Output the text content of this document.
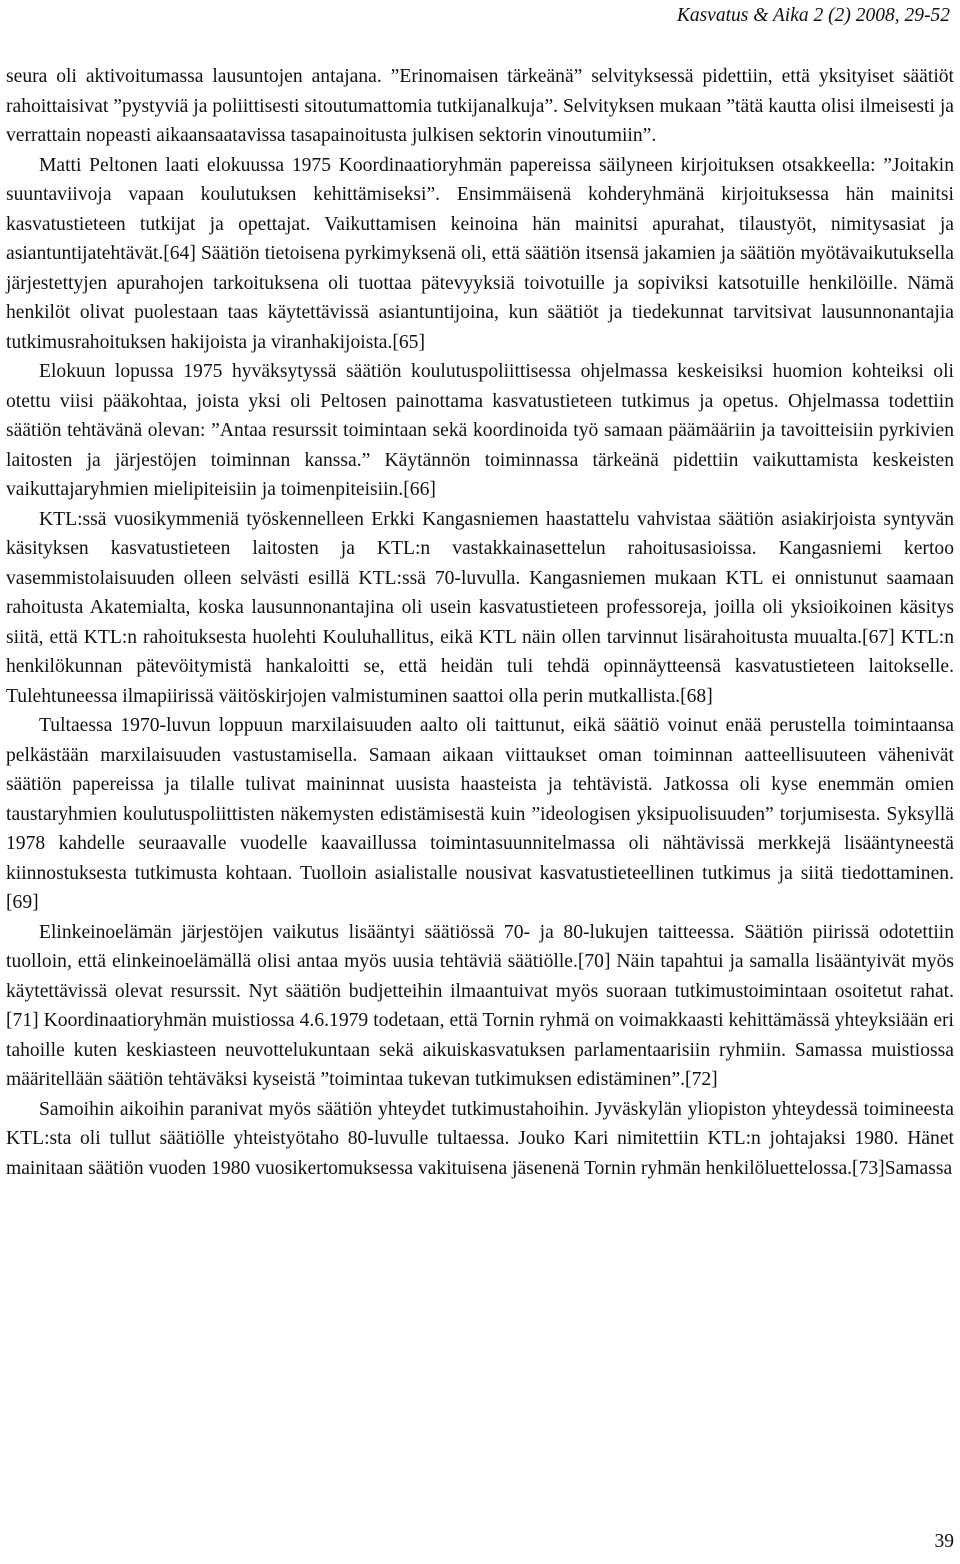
Kasvatus & Aika 2 (2) 2008, 29-52

seura oli aktivoitumassa lausuntojen antajana. ”Erinomaisen tärkeänä” selvityksessä pidettiin, että yksityiset säätiöt rahoittaisivat ”pystyviä ja poliittisesti sitoutumattomia tutkijanalkuja”. Selvityksen mukaan ”tätä kautta olisi ilmeisesti ja verrattain nopeasti aikaansaatavissa tasapainoitusta julkisen sektorin vinoutumiin”.

Matti Peltonen laati elokuussa 1975 Koordinaatioryhmän papereissa säilyneen kirjoituksen otsakkeella: ”Joitakin suuntaviivoja vapaan koulutuksen kehittämiseksi”. Ensimmäisenä kohderyhmänä kirjoituksessa hän mainitsi kasvatustieteen tutkijat ja opettajat. Vaikuttamisen keinoina hän mainitsi apurahat, tilaustyöt, nimitysasiat ja asiantuntijatehtävät.[64] Säätiön tietoisena pyrkimyksenä oli, että säätiön itsensä jakamien ja säätiön myötävaikutuksella järjestettyjen apurahojen tarkoituksena oli tuottaa pätevyyksiä toivotuille ja sopiviksi katsotuille henkilöille. Nämä henkilöt olivat puolestaan taas käytettävissä asiantuntijoina, kun säätiöt ja tiedekunnat tarvitsivat lausunnonantajia tutkimusrahoituksen hakijoista ja viranhakijoista.[65]

Elokuun lopussa 1975 hyväksytyssä säätiön koulutuspoliittisessa ohjelmassa keskeisiksi huomion kohteiksi oli otettu viisi pääkohtaa, joista yksi oli Peltosen painottama kasvatustieteen tutkimus ja opetus. Ohjelmassa todettiin säätiön tehtävänä olevan: ”Antaa resurssit toimintaan sekä koordinoida työ samaan päämääriin ja tavoitteisiin pyrkivien laitosten ja järjestöjen toiminnan kanssa.” Käytännön toiminnassa tärkeänä pidettiin vaikuttamista keskeisten vaikuttajaryhmien mielipiteisiin ja toimenpiteisiin.[66]

KTL:ssä vuosikymmeniä työskennelleen Erkki Kangasniemen haastattelu vahvistaa säätiön asiakirjoista syntyvän käsityksen kasvatustieteen laitosten ja KTL:n vastakkainasettelun rahoitusasioissa. Kangasniemi kertoo vasemmistolaisuuden olleen selvästi esillä KTL:ssä 70-luvulla. Kangasniemen mukaan KTL ei onnistunut saamaan rahoitusta Akatemialta, koska lausunnonantajina oli usein kasvatustieteen professoreja, joilla oli yksioikoinen käsitys siitä, että KTL:n rahoituksesta huolehti Kouluhallitus, eikä KTL näin ollen tarvinnut lisärahoitusta muualta.[67] KTL:n henkilökunnan pätevöitymistä hankaloitti se, että heidän tuli tehdä opinnäytteensä kasvatustieteen laitokselle. Tulehtuneessa ilmapiirissä väitöskirjojen valmistuminen saattoi olla perin mutkallista.[68]

Tultaessa 1970-luvun loppuun marxilaisuuden aalto oli taittunut, eikä säätiö voinut enää perustella toimintaansa pelkästään marxilaisuuden vastustamisella. Samaan aikaan viittaukset oman toiminnan aatteellisuuteen vähenivät säätiön papereissa ja tilalle tulivat maininnat uusista haasteista ja tehtävistä. Jatkossa oli kyse enemmän omien taustaryhmien koulutuspoliittisten näkemysten edistämisestä kuin ”ideologisen yksipuolisuuden” torjumisesta. Syksyllä 1978 kahdelle seuraavalle vuodelle kaavaillussa toimintasuunnitelmassa oli nähtävissä merkkejä lisääntyneestä kiinnostuksesta tutkimusta kohtaan. Tuolloin asialistalle nousivat kasvatustieteellinen tutkimus ja siitä tiedottaminen.[69]

Elinkeinoelämän järjestöjen vaikutus lisääntyi säätiössä 70- ja 80-lukujen taitteessa. Säätiön piirissä odotettiin tuolloin, että elinkeinoelämällä olisi antaa myös uusia tehtäviä säätiölle.[70] Näin tapahtui ja samalla lisääntyivät myös käytettävissä olevat resurssit. Nyt säätiön budjetteihin ilmaantuivat myös suoraan tutkimustoimintaan osoitetut rahat.[71] Koordinaatioryhmän muistiossa 4.6.1979 todetaan, että Tornin ryhmä on voimakkaasti kehittämässä yhteyksiään eri tahoille kuten keskiasteen neuvottelukuntaan sekä aikuiskasvatuksen parlamentaarisiin ryhmiin. Samassa muistiossa määritellään säätiön tehtäväksi kyseistä ”toimintaa tukevan tutkimuksen edistäminen”.[72]

Samoihin aikoihin paranivat myös säätiön yhteydet tutkimustahoihin. Jyväskylän yliopiston yhteydessä toimineesta KTL:sta oli tullut säätiölle yhteistyötaho 80-luvulle tultaessa. Jouko Kari nimitettiin KTL:n johtajaksi 1980. Hänet mainitaan säätiön vuoden 1980 vuosikertomuksessa vakituisena jäsenenä Tornin ryhmän henkilöluettelossa.[73]Samassa

39
